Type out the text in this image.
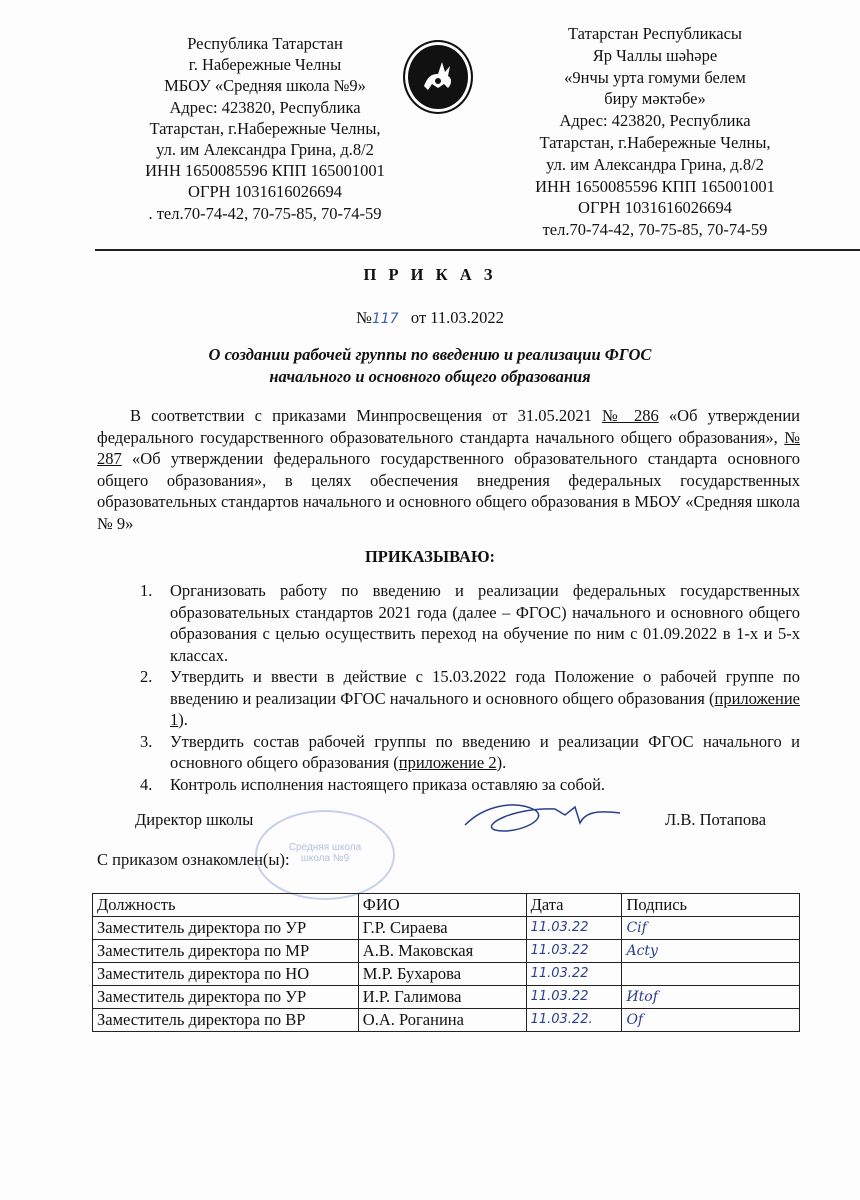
Республика Татарстан
г. Набережные Челны
МБОУ «Средняя школа №9»
Адрес: 423820, Республика
Татарстан, г.Набережные Челны,
ул. им Александра Грина, д.8/2
ИНН 1650085596 КПП 165001001
ОГРН 1031616026694
. тел.70-74-42, 70-75-85, 70-74-59
Татарстан Республикасы
Яр Чаллы шәһәре
«9нчы урта гомуми белем
биру мәктәбе»
Адрес: 423820, Республика
Татарстан, г.Набережные Челны,
ул. им Александра Грина, д.8/2
ИНН 1650085596 КПП 165001001
ОГРН 1031616026694
тел.70-74-42, 70-75-85, 70-74-59
П Р И К А З
№117 от 11.03.2022
О создании рабочей группы по введению и реализации ФГОС
начального и основного общего образования
  В соответствии с приказами Минпросвещения от 31.05.2021 № 286 «Об утверждении федерального государственного образовательного стандарта начального общего образования», № 287 «Об утверждении федерального государственного образовательного стандарта основного общего образования», в целях обеспечения внедрения федеральных государственных образовательных стандартов начального и основного общего образования в МБОУ «Средняя школа № 9»
ПРИКАЗЫВАЮ:
1. Организовать работу по введению и реализации федеральных государственных образовательных стандартов 2021 года (далее – ФГОС) начального и основного общего образования с целью осуществить переход на обучение по ним с 01.09.2022 в 1-х и 5-х классах.
2. Утвердить и ввести в действие с 15.03.2022 года Положение о рабочей группе по введению и реализации ФГОС начального и основного общего образования (приложение 1).
3. Утвердить состав рабочей группы по введению и реализации ФГОС начального и основного общего образования (приложение 2).
4. Контроль исполнения настоящего приказа оставляю за собой.
Средняя школа
школа №9
Директор школы	Л.В. Потапова
С приказом ознакомлен(ы):
Должность	ФИО	Дата	Подпись
Заместитель директора по УР	Г.Р. Сираева	11.03.22	Cif
Заместитель директора по МР	А.В. Маковская	11.03.22	Acty
Заместитель директора по НО	М.Р. Бухарова	11.03.22	
Заместитель директора по УР	И.Р. Галимова	11.03.22	Иtof
Заместитель директора по ВР	О.А. Роганина	11.03.22.	Of
